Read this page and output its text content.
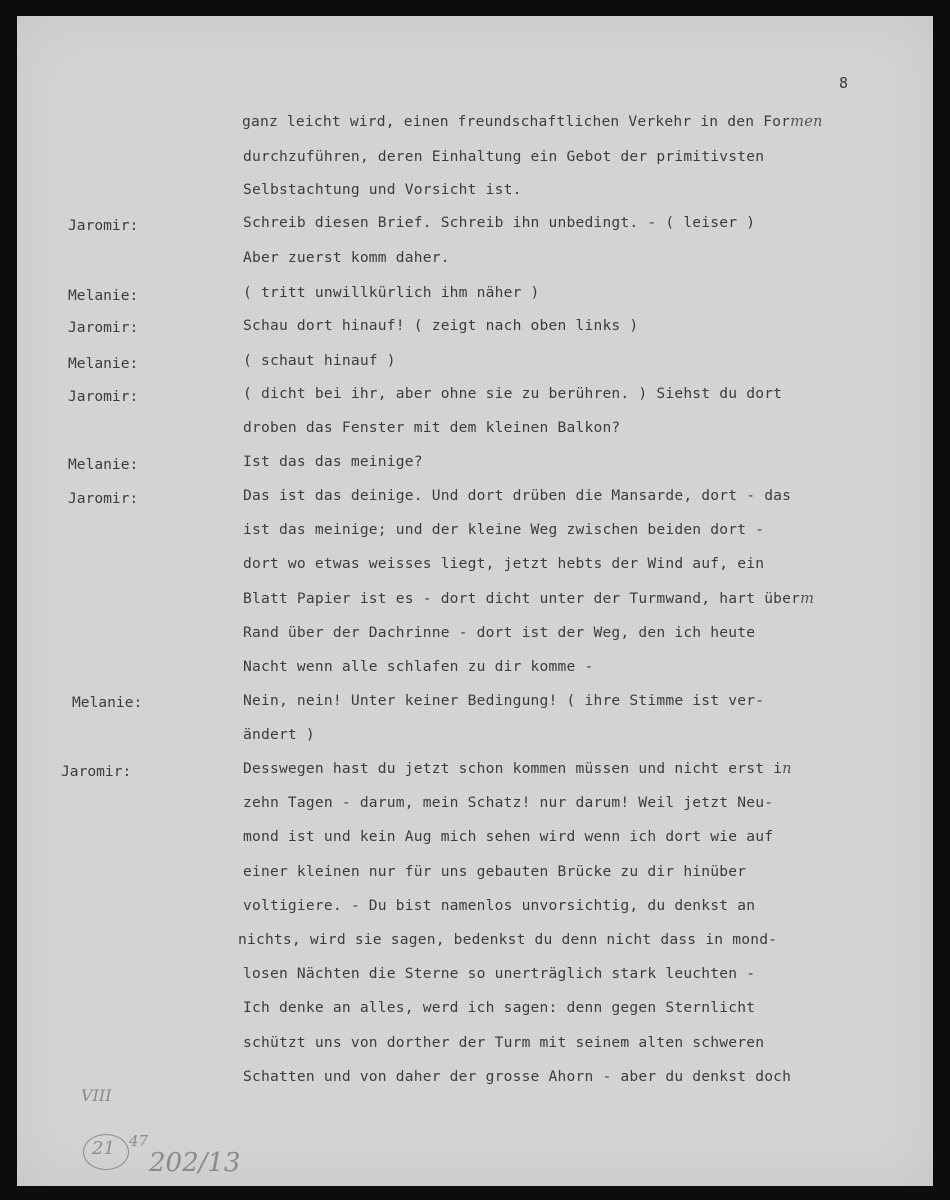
8
Jaromir:
Melanie:
Jaromir:
Melanie:
Jaromir:
Melanie:
Jaromir:
Melanie:
Jaromir:
ganz leicht wird, einen freundschaftlichen Verkehr in den Formen
durchzuführen, deren Einhaltung ein Gebot der primitivsten
Selbstachtung und Vorsicht ist.
Schreib diesen Brief. Schreib ihn unbedingt. - ( leiser )
Aber zuerst komm daher.
( tritt unwillkürlich ihm näher )
Schau dort hinauf! ( zeigt nach oben links )
( schaut hinauf )
( dicht bei ihr, aber ohne sie zu berühren. ) Siehst du dort
droben das Fenster mit dem kleinen Balkon?
Ist das das meinige?
Das ist das deinige. Und dort drüben die Mansarde, dort - das
ist das meinige; und der kleine Weg zwischen beiden dort -
dort wo etwas weisses liegt, jetzt hebts der Wind auf, ein
Blatt Papier ist es - dort dicht unter der Turmwand, hart überm
Rand über der Dachrinne - dort ist der Weg, den ich heute
Nacht wenn alle schlafen zu dir komme -
Nein, nein! Unter keiner Bedingung! ( ihre Stimme ist ver-
ändert )
Desswegen hast du jetzt schon kommen müssen und nicht erst in
zehn Tagen - darum, mein Schatz! nur darum! Weil jetzt Neu-
mond ist und kein Aug mich sehen wird wenn ich dort wie auf
einer kleinen nur für uns gebauten Brücke zu dir hinüber
voltigiere. - Du bist namenlos unvorsichtig, du denkst an
nichts, wird sie sagen, bedenkst du denn nicht dass in mond-
losen Nächten die Sterne so unerträglich stark leuchten -
Ich denke an alles, werd ich sagen: denn gegen Sternlicht
schützt uns von dorther der Turm mit seinem alten schweren
Schatten und von daher der grosse Ahorn - aber du denkst doch
VIII
21 47
202/13
